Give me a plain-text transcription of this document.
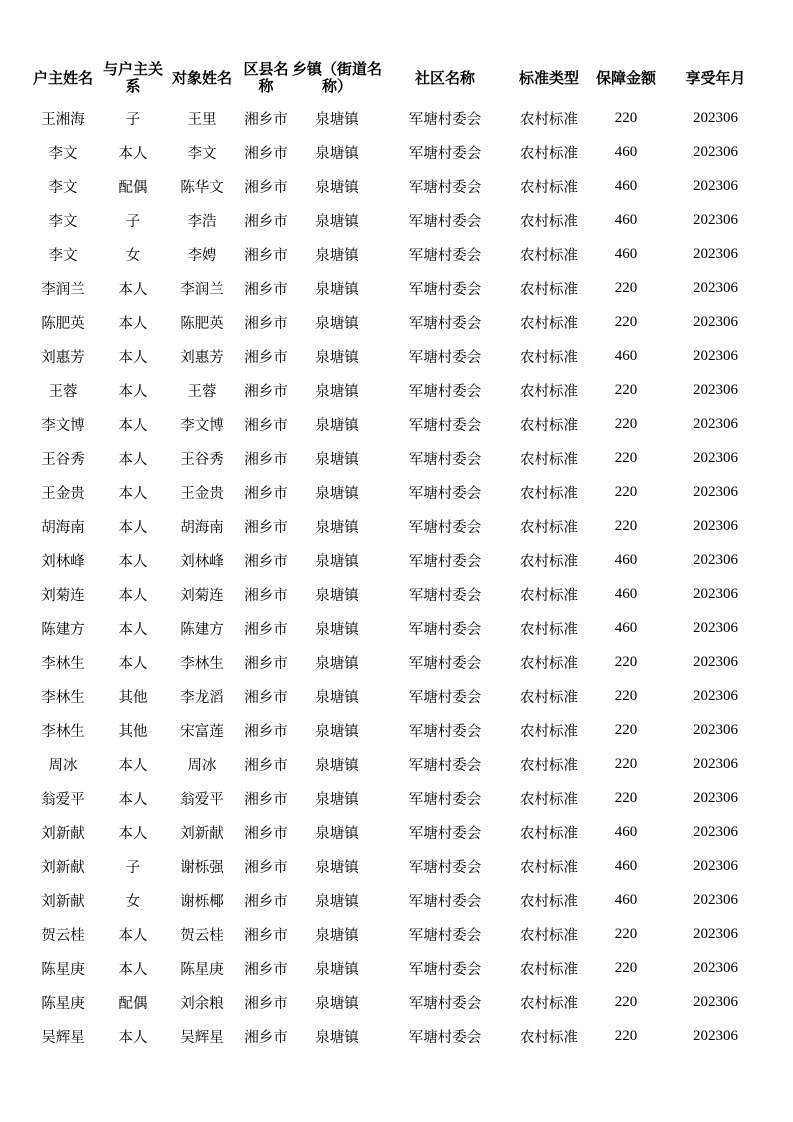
户主姓名	与户主关系	对象姓名	区县名称	乡镇（街道名称）	社区名称	标准类型	保障金额	享受年月
王湘海	子	王里	湘乡市	泉塘镇	军塘村委会	农村标准	220	202306
李文	本人	李文	湘乡市	泉塘镇	军塘村委会	农村标准	460	202306
李文	配偶	陈华文	湘乡市	泉塘镇	军塘村委会	农村标准	460	202306
李文	子	李浩	湘乡市	泉塘镇	军塘村委会	农村标准	460	202306
李文	女	李娉	湘乡市	泉塘镇	军塘村委会	农村标准	460	202306
李润兰	本人	李润兰	湘乡市	泉塘镇	军塘村委会	农村标准	220	202306
陈肥英	本人	陈肥英	湘乡市	泉塘镇	军塘村委会	农村标准	220	202306
刘惠芳	本人	刘惠芳	湘乡市	泉塘镇	军塘村委会	农村标准	460	202306
王蓉	本人	王蓉	湘乡市	泉塘镇	军塘村委会	农村标准	220	202306
李文博	本人	李文博	湘乡市	泉塘镇	军塘村委会	农村标准	220	202306
王谷秀	本人	王谷秀	湘乡市	泉塘镇	军塘村委会	农村标准	220	202306
王金贵	本人	王金贵	湘乡市	泉塘镇	军塘村委会	农村标准	220	202306
胡海南	本人	胡海南	湘乡市	泉塘镇	军塘村委会	农村标准	220	202306
刘林峰	本人	刘林峰	湘乡市	泉塘镇	军塘村委会	农村标准	460	202306
刘菊连	本人	刘菊连	湘乡市	泉塘镇	军塘村委会	农村标准	460	202306
陈建方	本人	陈建方	湘乡市	泉塘镇	军塘村委会	农村标准	460	202306
李林生	本人	李林生	湘乡市	泉塘镇	军塘村委会	农村标准	220	202306
李林生	其他	李龙滔	湘乡市	泉塘镇	军塘村委会	农村标准	220	202306
李林生	其他	宋富莲	湘乡市	泉塘镇	军塘村委会	农村标准	220	202306
周冰	本人	周冰	湘乡市	泉塘镇	军塘村委会	农村标准	220	202306
翁爱平	本人	翁爱平	湘乡市	泉塘镇	军塘村委会	农村标准	220	202306
刘新献	本人	刘新献	湘乡市	泉塘镇	军塘村委会	农村标准	460	202306
刘新献	子	谢栎强	湘乡市	泉塘镇	军塘村委会	农村标准	460	202306
刘新献	女	谢栎椰	湘乡市	泉塘镇	军塘村委会	农村标准	460	202306
贺云桂	本人	贺云桂	湘乡市	泉塘镇	军塘村委会	农村标准	220	202306
陈星庚	本人	陈星庚	湘乡市	泉塘镇	军塘村委会	农村标准	220	202306
陈星庚	配偶	刘余粮	湘乡市	泉塘镇	军塘村委会	农村标准	220	202306
吴辉星	本人	吴辉星	湘乡市	泉塘镇	军塘村委会	农村标准	220	202306
